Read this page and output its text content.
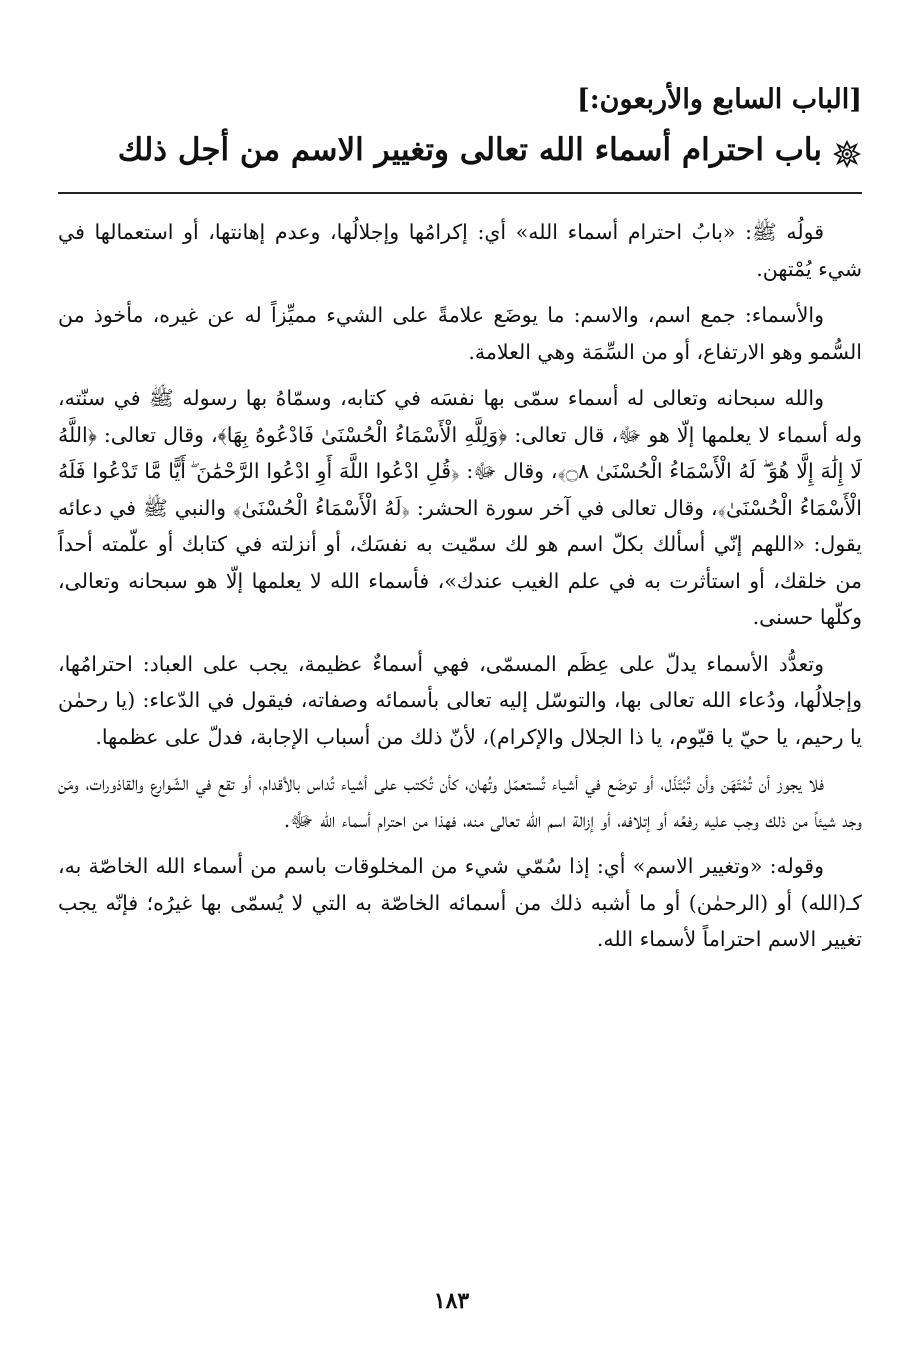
[الباب السابع والأربعون:]
باب احترام أسماء الله تعالى وتغيير الاسم من أجل ذلك

قولُه ﷺ: «بابُ احترام أسماء الله» أي: إكرامُها وإجلالُها، وعدم إهانتها، أو استعمالها في شيء يُمْتهن.

والأسماء: جمع اسم، والاسم: ما يوضَع علامةً على الشيء مميِّزاً له عن غيره، مأخوذ من السُّمو وهو الارتفاع، أو من السِّمَة وهي العلامة.

والله سبحانه وتعالى له أسماء سمّى بها نفسَه في كتابه، وسمّاهُ بها رسوله ﷺ في سنّته، وله أسماء لا يعلمها إلّا هو ﷻ، قال تعالى: ﴿وَلِلَّهِ الْأَسْمَاءُ الْحُسْنَىٰ فَادْعُوهُ بِهَا﴾، وقال تعالى: ﴿اللَّهُ لَا إِلَٰهَ إِلَّا هُوَ ۖ لَهُ الْأَسْمَاءُ الْحُسْنَىٰ ۝٨﴾، وقال ﷻ: ﴿قُلِ ادْعُوا اللَّهَ أَوِ ادْعُوا الرَّحْمَٰنَ ۖ أَيًّا مَّا تَدْعُوا فَلَهُ الْأَسْمَاءُ الْحُسْنَىٰ﴾، وقال تعالى في آخر سورة الحشر: ﴿لَهُ الْأَسْمَاءُ الْحُسْنَىٰ﴾ والنبي ﷺ في دعائه يقول: «اللهم إنّي أسألك بكلّ اسم هو لك سمّيت به نفسَك، أو أنزلته في كتابك أو علّمته أحداً من خلقك، أو استأثرت به في علم الغيب عندك»، فأسماء الله لا يعلمها إلّا هو سبحانه وتعالى، وكلّها حسنى.

وتعدُّد الأسماء يدلّ على عِظَم المسمّى، فهي أسماءٌ عظيمة، يجب على العباد: احترامُها، وإجلالُها، ودُعاء الله تعالى بها، والتوسّل إليه تعالى بأسمائه وصفاته، فيقول في الدّعاء: (يا رحمٰن يا رحيم، يا حيّ يا قيّوم، يا ذا الجلال والإكرام)، لأنّ ذلك من أسباب الإجابة، فدلّ على عظمها.

فلا يجوز أن تُمْتَهَن وأن تُبْتَذَل، أو توضَع في أشياء تُستعمَل وتُهان، كأن تُكتب على أشياء تُداس بالأقدام، أو تقع في الشّوارع والقاذورات، ومَن وجد شيئاً من ذلك وجب عليه رفعُه أو إتلافه، أو إزالة اسم الله تعالى منه، فهذا من احترام أسماء الله ﷻ.

وقوله: «وتغيير الاسم» أي: إذا سُمّي شيء من المخلوقات باسم من أسماء الله الخاصّة به، كـ(الله) أو (الرحمٰن) أو ما أشبه ذلك من أسمائه الخاصّة به التي لا يُسمّى بها غيرُه؛ فإنّه يجب تغيير الاسم احتراماً لأسماء الله.

١٨٣
